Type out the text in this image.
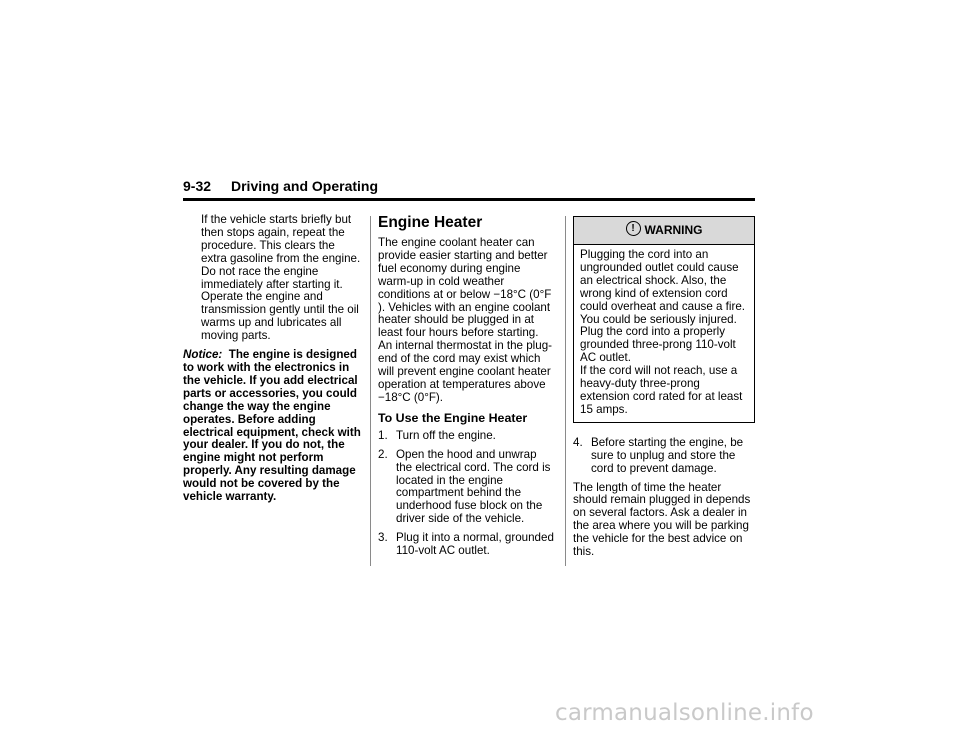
9-32 Driving and Operating

If the vehicle starts briefly but then stops again, repeat the procedure. This clears the extra gasoline from the engine. Do not race the engine immediately after starting it. Operate the engine and transmission gently until the oil warms up and lubricates all moving parts.

Notice: The engine is designed to work with the electronics in the vehicle. If you add electrical parts or accessories, you could change the way the engine operates. Before adding electrical equipment, check with your dealer. If you do not, the engine might not perform properly. Any resulting damage would not be covered by the vehicle warranty.

Engine Heater

The engine coolant heater can provide easier starting and better fuel economy during engine warm-up in cold weather conditions at or below −18°C (0°F ). Vehicles with an engine coolant heater should be plugged in at least four hours before starting.

An internal thermostat in the plug-end of the cord may exist which will prevent engine coolant heater operation at temperatures above −18°C (0°F).

To Use the Engine Heater
1. Turn off the engine.
2. Open the hood and unwrap the electrical cord. The cord is located in the engine compartment behind the underhood fuse block on the driver side of the vehicle.
3. Plug it into a normal, grounded 110-volt AC outlet.
! WARNING

Plugging the cord into an ungrounded outlet could cause an electrical shock. Also, the wrong kind of extension cord could overheat and cause a fire. You could be seriously injured. Plug the cord into a properly grounded three-prong 110-volt AC outlet.

If the cord will not reach, use a heavy-duty three-prong extension cord rated for at least 15 amps.

4. Before starting the engine, be sure to unplug and store the cord to prevent damage.

The length of time the heater should remain plugged in depends on several factors. Ask a dealer in the area where you will be parking the vehicle for the best advice on this.

carmanualsonline.info
